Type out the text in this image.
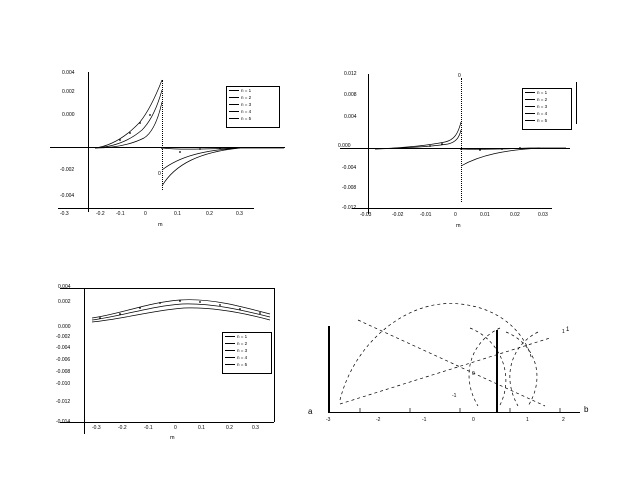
0.004
0.002
0.000
-0.002
-0.004
-0.3	-0.2 -0.1	0	0.1	0.2	0.3
0
n = 1
n = 2
n = 3
n = 4
n = 5
m
0.012
0.008
0.004
0.000
-0.004
-0.008
-0.012
-0.03	-0.02	-0.01	0	0.01	0.02	0.03
0
n = 1
n = 2
n = 3
n = 4
n = 5
m
0.004
0.002
0.000
-0.002
-0.004
-0.006
-0.008
-0.010
-0.012
-0.014
-0.3	-0.2	-0.1	0	0.1	0.2	0.3
n = 1
n = 2
n = 3
n = 4
n = 5
m
-3	-2	-1	0	1	2
1
0
-1
b
a
1
